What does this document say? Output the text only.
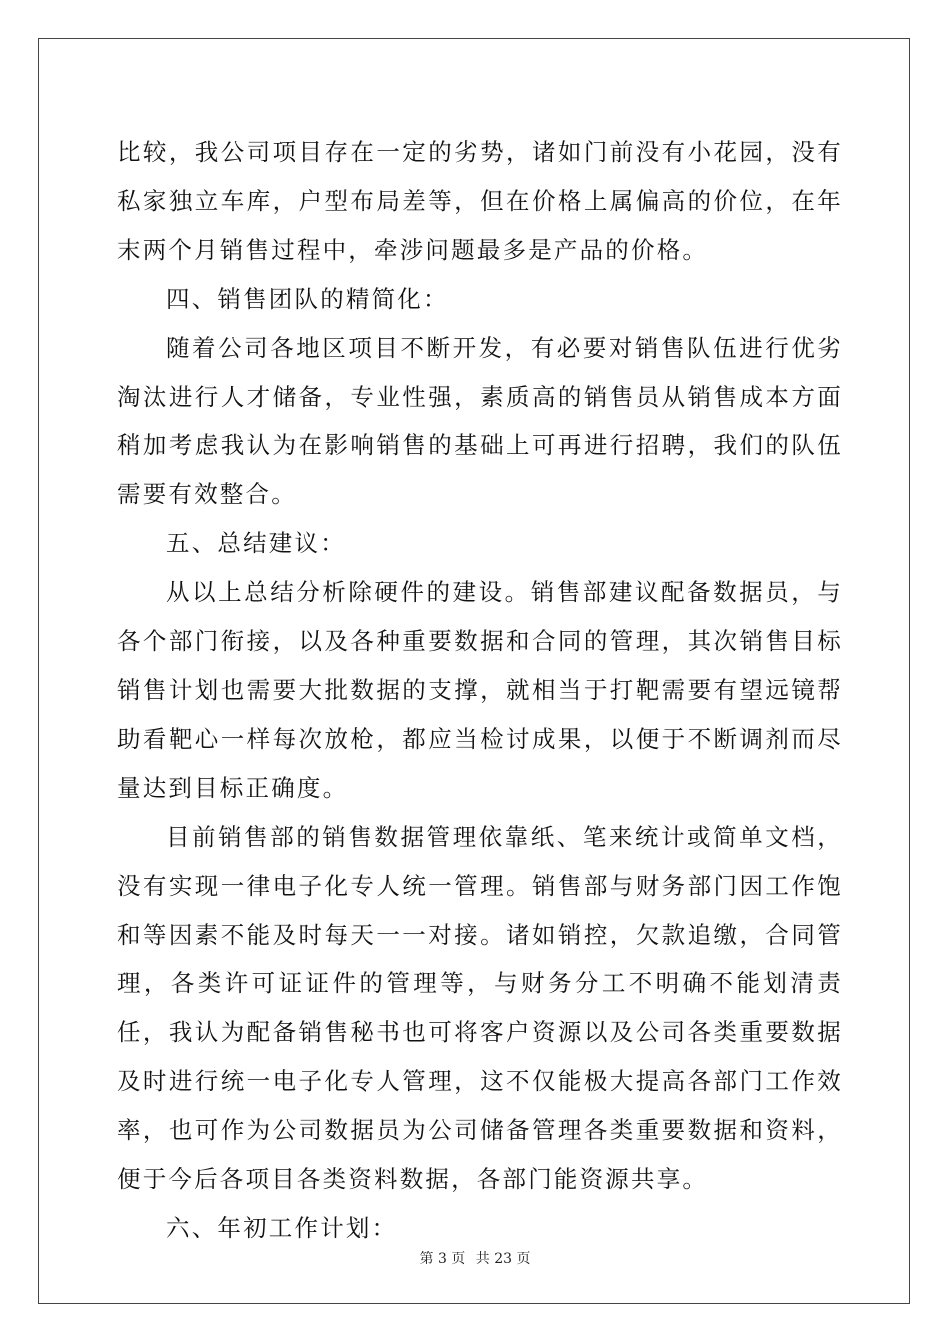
比较，我公司项目存在一定的劣势，诸如门前没有小花园，没有私家独立车库，户型布局差等，但在价格上属偏高的价位，在年末两个月销售过程中，牵涉问题最多是产品的价格。

四、销售团队的精简化：

随着公司各地区项目不断开发，有必要对销售队伍进行优劣淘汰进行人才储备，专业性强，素质高的销售员从销售成本方面稍加考虑我认为在影响销售的基础上可再进行招聘，我们的队伍需要有效整合。

五、总结建议：

从以上总结分析除硬件的建设。销售部建议配备数据员，与各个部门衔接，以及各种重要数据和合同的管理，其次销售目标销售计划也需要大批数据的支撑，就相当于打靶需要有望远镜帮助看靶心一样每次放枪，都应当检讨成果，以便于不断调剂而尽量达到目标正确度。

目前销售部的销售数据管理依靠纸、笔来统计或简单文档，没有实现一律电子化专人统一管理。销售部与财务部门因工作饱和等因素不能及时每天一一对接。诸如销控，欠款追缴，合同管理，各类许可证证件的管理等，与财务分工不明确不能划清责任，我认为配备销售秘书也可将客户资源以及公司各类重要数据及时进行统一电子化专人管理，这不仅能极大提高各部门工作效率，也可作为公司数据员为公司储备管理各类重要数据和资料，便于今后各项目各类资料数据，各部门能资源共享。

六、年初工作计划：

第 3 页 共 23 页
